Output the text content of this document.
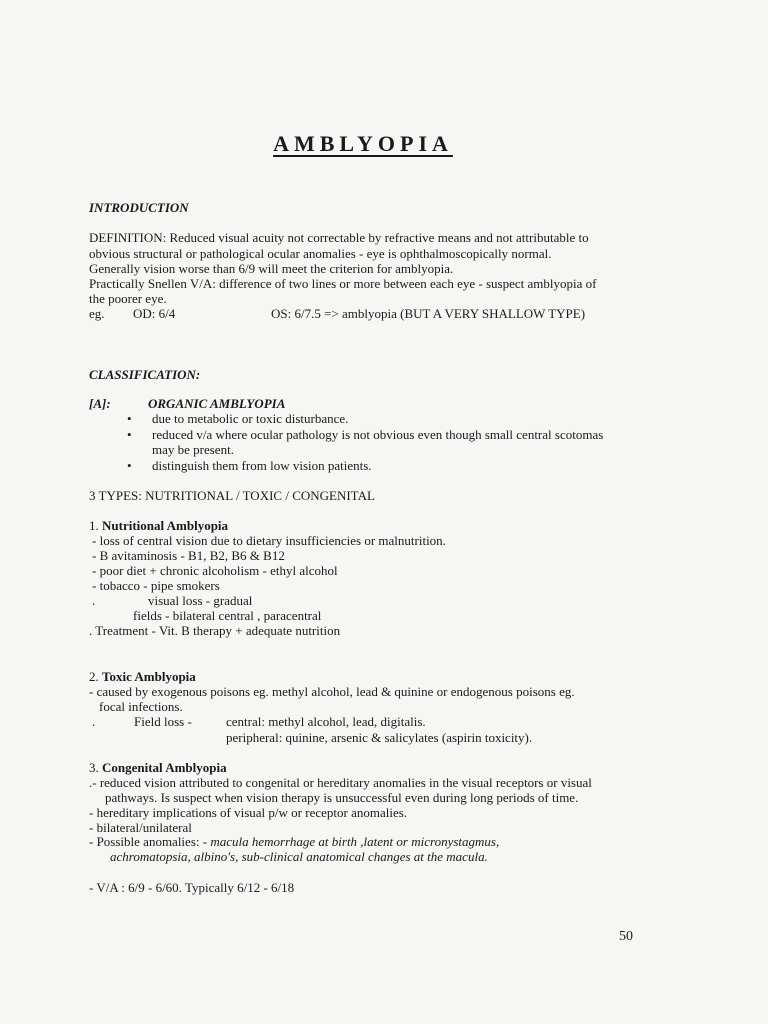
AMBLYOPIA
INTRODUCTION
DEFINITION: Reduced visual acuity not correctable by refractive means and not attributable to
obvious structural or pathological ocular anomalies - eye is ophthalmoscopically normal.
Generally vision worse than 6/9 will meet the criterion for amblyopia.
Practically Snellen V/A: difference of two lines or more between each eye - suspect amblyopia of
the poorer eye.
eg. OD: 6/4	OS: 6/7.5 => amblyopia (BUT A VERY SHALLOW TYPE)
CLASSIFICATION:
[A]:	ORGANIC AMBLYOPIA
• due to metabolic or toxic disturbance.
• reduced v/a where ocular pathology is not obvious even though small central scotomas
may be present.
• distinguish them from low vision patients.
3 TYPES: NUTRITIONAL / TOXIC / CONGENITAL
1. Nutritional Amblyopia
- loss of central vision due to dietary insufficiencies or malnutrition.
- B avitaminosis - B1, B2, B6 & B12
- poor diet + chronic alcoholism - ethyl alcohol
- tobacco - pipe smokers
.	visual loss - gradual
fields - bilateral central , paracentral
. Treatment - Vit. B therapy + adequate nutrition
2. Toxic Amblyopia
- caused by exogenous poisons eg. methyl alcohol, lead & quinine or endogenous poisons eg.
focal infections.
.	Field loss -	central: methyl alcohol, lead, digitalis.
peripheral: quinine, arsenic & salicylates (aspirin toxicity).
3. Congenital Amblyopia
.- reduced vision attributed to congenital or hereditary anomalies in the visual receptors or visual
pathways. Is suspect when vision therapy is unsuccessful even during long periods of time.
- hereditary implications of visual p/w or receptor anomalies.
- bilateral/unilateral
- Possible anomalies: - macula hemorrhage at birth ,latent or micronystagmus,
achromatopsia, albino's, sub-clinical anatomical changes at the macula.
- V/A : 6/9 - 6/60. Typically 6/12 - 6/18
50
